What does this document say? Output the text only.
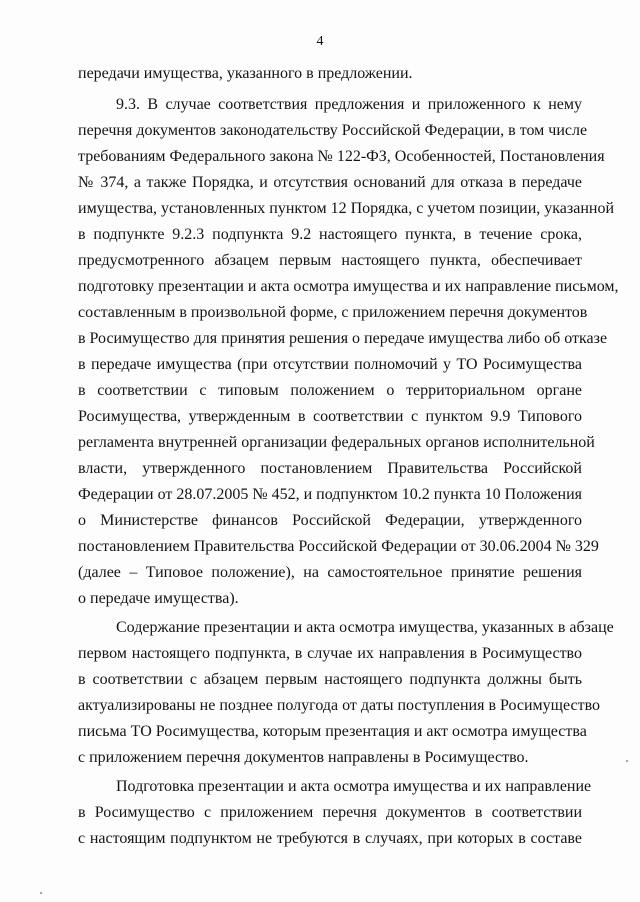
4
передачи имущества, указанного в предложении.
9.3. В случае соответствия предложения и приложенного к нему
перечня документов законодательству Российской Федерации, в том числе
требованиям Федерального закона № 122-ФЗ, Особенностей, Постановления
№ 374, а также Порядка, и отсутствия оснований для отказа в передаче
имущества, установленных пунктом 12 Порядка, с учетом позиции, указанной
в подпункте 9.2.3 подпункта 9.2 настоящего пункта, в течение срока,
предусмотренного абзацем первым настоящего пункта, обеспечивает
подготовку презентации и акта осмотра имущества и их направление письмом,
составленным в произвольной форме, с приложением перечня документов
в Росимущество для принятия решения о передаче имущества либо об отказе
в передаче имущества (при отсутствии полномочий у ТО Росимущества
в соответствии с типовым положением о территориальном органе
Росимущества, утвержденным в соответствии с пунктом 9.9 Типового
регламента внутренней организации федеральных органов исполнительной
власти, утвержденного постановлением Правительства Российской
Федерации от 28.07.2005 № 452, и подпунктом 10.2 пункта 10 Положения
о Министерстве финансов Российской Федерации, утвержденного
постановлением Правительства Российской Федерации от 30.06.2004 № 329
(далее – Типовое положение), на самостоятельное принятие решения
о передаче имущества).
Содержание презентации и акта осмотра имущества, указанных в абзаце
первом настоящего подпункта, в случае их направления в Росимущество
в соответствии с абзацем первым настоящего подпункта должны быть
актуализированы не позднее полугода от даты поступления в Росимущество
письма ТО Росимущества, которым презентация и акт осмотра имущества
с приложением перечня документов направлены в Росимущество.
Подготовка презентации и акта осмотра имущества и их направление
в Росимущество с приложением перечня документов в соответствии
с настоящим подпунктом не требуются в случаях, при которых в составе
